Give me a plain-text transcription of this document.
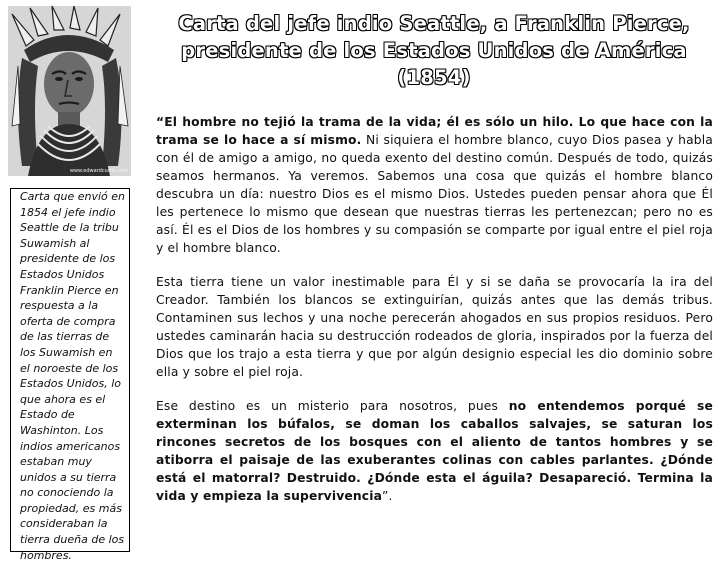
www.edwardcurtis.com
Carta del jefe indio Seattle, a Franklin Pierce, presidente de los Estados Unidos de América (1854)

Carta que envió en 1854 el jefe indio Seattle de la tribu Suwamish al presidente de los Estados Unidos Franklin Pierce en respuesta a la oferta de compra de las tierras de los Suwamish en el noroeste de los Estados Unidos, lo que ahora es el Estado de Washinton. Los indios americanos estaban muy unidos a su tierra no conociendo la propiedad, es más consideraban la tierra dueña de los hombres.

“El hombre no tejió la trama de la vida; él es sólo un hilo. Lo que hace con la trama se lo hace a sí mismo. Ni siquiera el hombre blanco, cuyo Dios pasea y habla con él de amigo a amigo, no queda exento del destino común. Después de todo, quizás seamos hermanos. Ya veremos. Sabemos una cosa que quizás el hombre blanco descubra un día: nuestro Dios es el mismo Dios. Ustedes pueden pensar ahora que Él les pertenece lo mismo que desean que nuestras tierras les pertenezcan; pero no es así. Él es el Dios de los hombres y su compasión se comparte por igual entre el piel roja y el hombre blanco.

Esta tierra tiene un valor inestimable para Él y si se daña se provocaría la ira del Creador. También los blancos se extinguirían, quizás antes que las demás tribus. Contaminen sus lechos y una noche perecerán ahogados en sus propios residuos. Pero ustedes caminarán hacia su destrucción rodeados de gloria, inspirados por la fuerza del Dios que los trajo a esta tierra y que por algún designio especial les dio dominio sobre ella y sobre el piel roja.

Ese destino es un misterio para nosotros, pues no entendemos porqué se exterminan los búfalos, se doman los caballos salvajes, se saturan los rincones secretos de los bosques con el aliento de tantos hombres y se atiborra el paisaje de las exuberantes colinas con cables parlantes. ¿Dónde está el matorral? Destruido. ¿Dónde esta el águila? Desapareció. Termina la vida y empieza la supervivencia”.
